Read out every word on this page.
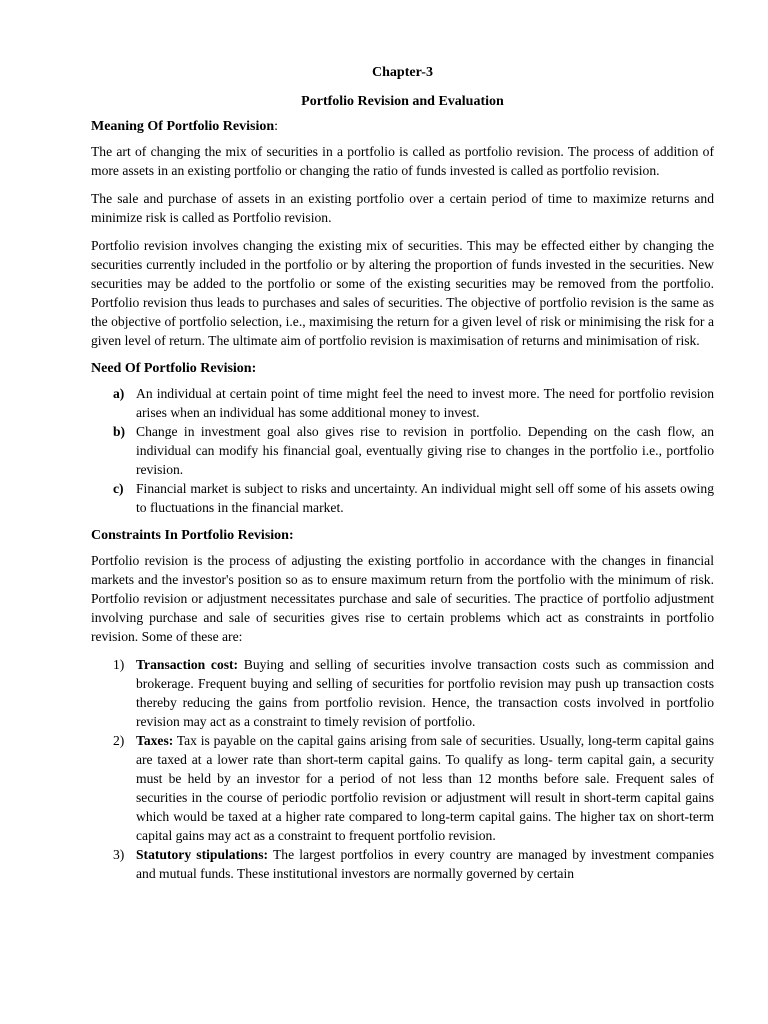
Chapter-3
Portfolio Revision and Evaluation
Meaning Of Portfolio Revision:

The art of changing the mix of securities in a portfolio is called as portfolio revision. The process of addition of more assets in an existing portfolio or changing the ratio of funds invested is called as portfolio revision.

The sale and purchase of assets in an existing portfolio over a certain period of time to maximize returns and minimize risk is called as Portfolio revision.

Portfolio revision involves changing the existing mix of securities. This may be effected either by changing the securities currently included in the portfolio or by altering the proportion of funds invested in the securities. New securities may be added to the portfolio or some of the existing securities may be removed from the portfolio. Portfolio revision thus leads to purchases and sales of securities. The objective of portfolio revision is the same as the objective of portfolio selection, i.e., maximising the return for a given level of risk or minimising the risk for a given level of return. The ultimate aim of portfolio revision is maximisation of returns and minimisation of risk.

Need Of Portfolio Revision:
a) An individual at certain point of time might feel the need to invest more. The need for portfolio revision arises when an individual has some additional money to invest.
b) Change in investment goal also gives rise to revision in portfolio. Depending on the cash flow, an individual can modify his financial goal, eventually giving rise to changes in the portfolio i.e., portfolio revision.
c) Financial market is subject to risks and uncertainty. An individual might sell off some of his assets owing to fluctuations in the financial market.
Constraints In Portfolio Revision:

Portfolio revision is the process of adjusting the existing portfolio in accordance with the changes in financial markets and the investor's position so as to ensure maximum return from the portfolio with the minimum of risk. Portfolio revision or adjustment necessitates purchase and sale of securities. The practice of portfolio adjustment involving purchase and sale of securities gives rise to certain problems which act as constraints in portfolio revision. Some of these are:

1) Transaction cost: Buying and selling of securities involve transaction costs such as commission and brokerage. Frequent buying and selling of securities for portfolio revision may push up transaction costs thereby reducing the gains from portfolio revision. Hence, the transaction costs involved in portfolio revision may act as a constraint to timely revision of portfolio.
2) Taxes: Tax is payable on the capital gains arising from sale of securities. Usually, long-term capital gains are taxed at a lower rate than short-term capital gains. To qualify as long- term capital gain, a security must be held by an investor for a period of not less than 12 months before sale. Frequent sales of securities in the course of periodic portfolio revision or adjustment will result in short-term capital gains which would be taxed at a higher rate compared to long-term capital gains. The higher tax on short-term capital gains may act as a constraint to frequent portfolio revision.
3) Statutory stipulations: The largest portfolios in every country are managed by investment companies and mutual funds. These institutional investors are normally governed by certain
